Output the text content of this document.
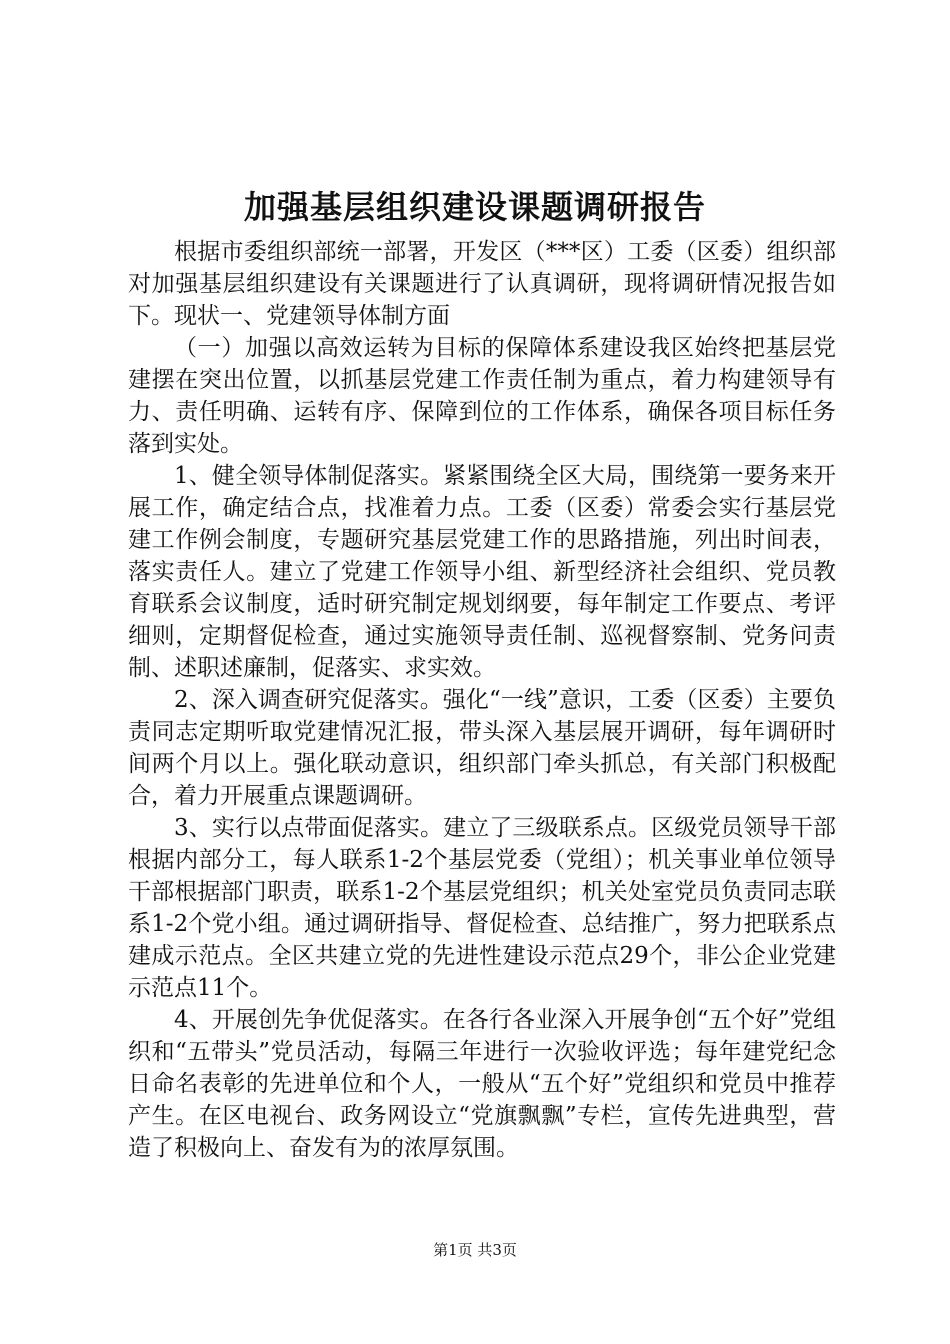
加强基层组织建设课题调研报告

根据市委组织部统一部署，开发区（***区）工委（区委）组织部对加强基层组织建设有关课题进行了认真调研，现将调研情况报告如下。现状一、党建领导体制方面

（一）加强以高效运转为目标的保障体系建设我区始终把基层党建摆在突出位置，以抓基层党建工作责任制为重点，着力构建领导有力、责任明确、运转有序、保障到位的工作体系，确保各项目标任务落到实处。

1、健全领导体制促落实。紧紧围绕全区大局，围绕第一要务来开展工作，确定结合点，找准着力点。工委（区委）常委会实行基层党建工作例会制度，专题研究基层党建工作的思路措施，列出时间表，落实责任人。建立了党建工作领导小组、新型经济社会组织、党员教育联系会议制度，适时研究制定规划纲要，每年制定工作要点、考评细则，定期督促检查，通过实施领导责任制、巡视督察制、党务问责制、述职述廉制，促落实、求实效。

2、深入调查研究促落实。强化“一线”意识，工委（区委）主要负责同志定期听取党建情况汇报，带头深入基层展开调研，每年调研时间两个月以上。强化联动意识，组织部门牵头抓总，有关部门积极配合，着力开展重点课题调研。

3、实行以点带面促落实。建立了三级联系点。区级党员领导干部根据内部分工，每人联系1-2个基层党委（党组）；机关事业单位领导干部根据部门职责，联系1-2个基层党组织；机关处室党员负责同志联系1-2个党小组。通过调研指导、督促检查、总结推广，努力把联系点建成示范点。全区共建立党的先进性建设示范点29个，非公企业党建示范点11个。

4、开展创先争优促落实。在各行各业深入开展争创“五个好”党组织和“五带头”党员活动，每隔三年进行一次验收评选；每年建党纪念日命名表彰的先进单位和个人，一般从“五个好”党组织和党员中推荐产生。在区电视台、政务网设立“党旗飘飘”专栏，宣传先进典型，营造了积极向上、奋发有为的浓厚氛围。

第1页 共3页
